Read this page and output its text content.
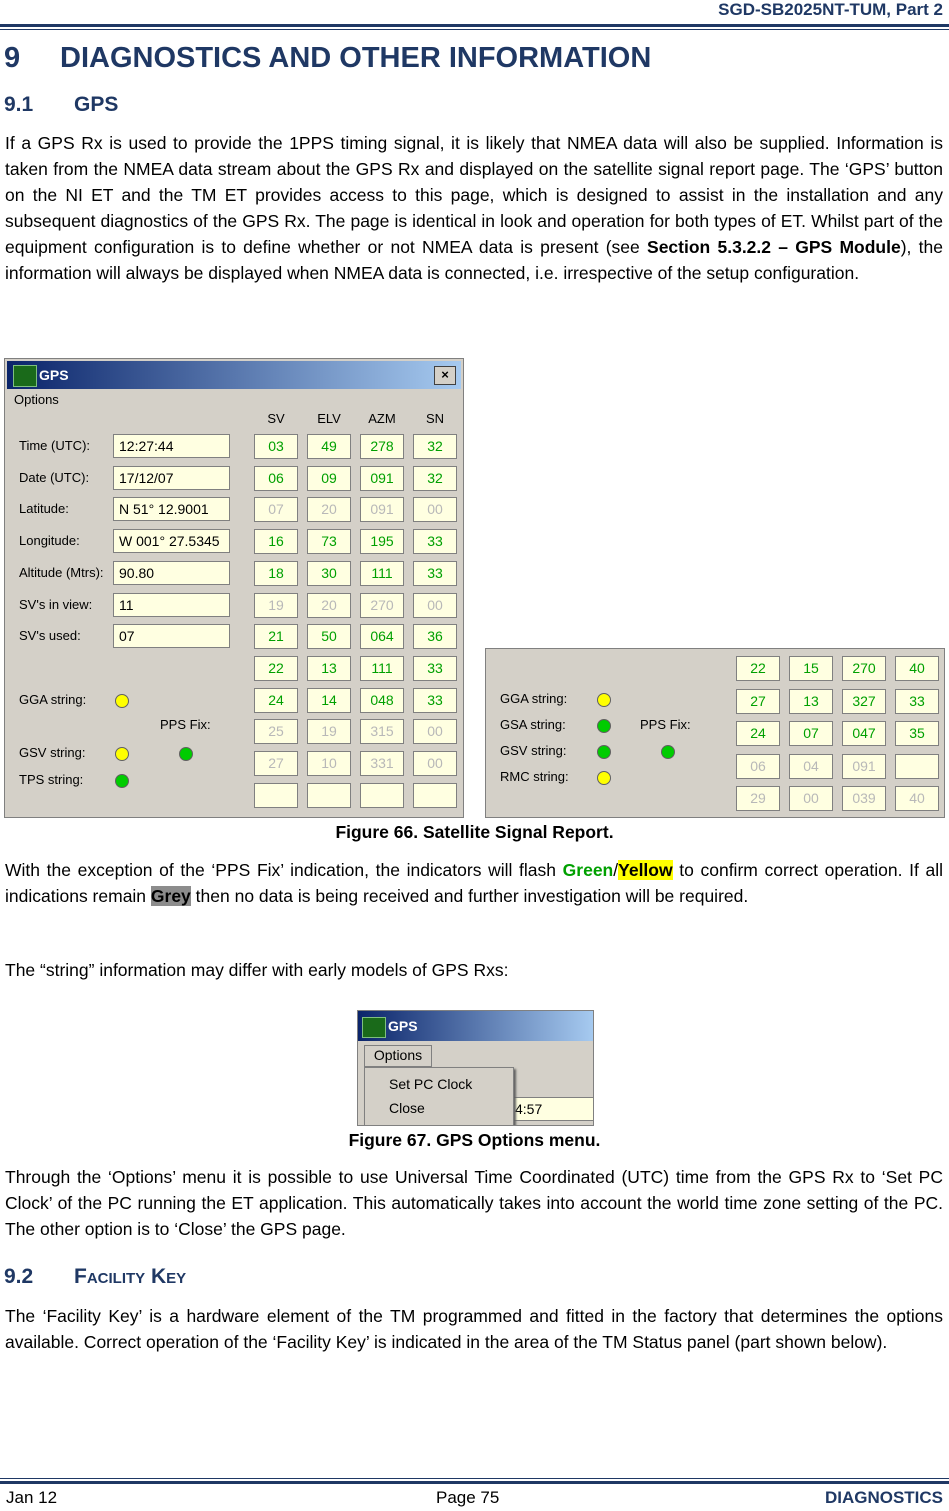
SGD-SB2025NT-TUM, Part 2
9 DIAGNOSTICS AND OTHER INFORMATION
9.1 GPS
If a GPS Rx is used to provide the 1PPS timing signal, it is likely that NMEA data will also be supplied. Information is taken from the NMEA data stream about the GPS Rx and displayed on the satellite signal report page. The ‘GPS’ button on the NI ET and the TM ET provides access to this page, which is designed to assist in the installation and any subsequent diagnostics of the GPS Rx. The page is identical in look and operation for both types of ET. Whilst part of the equipment configuration is to define whether or not NMEA data is present (see Section 5.3.2.2 – GPS Module), the information will always be displayed when NMEA data is connected, i.e. irrespective of the setup configuration.
GPS	×
Options
SV	ELV	AZM	SN
Time (UTC):	12:27:44
Date (UTC):	17/12/07
Latitude:	N 51° 12.9001
Longitude:	W 001° 27.5345
Altitude (Mtrs):	90.80
SV's in view:	11
SV's used:	07
03	49	278	32
06	09	091	32
07	20	091	00
16	73	195	33
18	30	111	33
19	20	270	00
21	50	064	36
22	13	111	33
24	14	048	33
25	19	315	00
27	10	331	00
GGA string:
PPS Fix:
GSV string:
TPS string:
22	15	270	40
27	13	327	33
24	07	047	35
06	04	091
29	00	039	40
GGA string:
GSA string:	PPS Fix:
GSV string:
RMC string:
Figure 66. Satellite Signal Report.
With the exception of the ‘PPS Fix’ indication, the indicators will flash Green/Yellow to confirm correct operation. If all indications remain Grey then no data is being received and further investigation will be required.
The “string” information may differ with early models of GPS Rxs:
GPS
Options
4:57
Set PC Clock
Close
Figure 67. GPS Options menu.
Through the ‘Options’ menu it is possible to use Universal Time Coordinated (UTC) time from the GPS Rx to ‘Set PC Clock’ of the PC running the ET application. This automatically takes into account the world time zone setting of the PC. The other option is to ‘Close’ the GPS page.
9.2 Facility Key
The ‘Facility Key’ is a hardware element of the TM programmed and fitted in the factory that determines the options available. Correct operation of the ‘Facility Key’ is indicated in the area of the TM Status panel (part shown below).
Jan 12	Page 75	DIAGNOSTICS
